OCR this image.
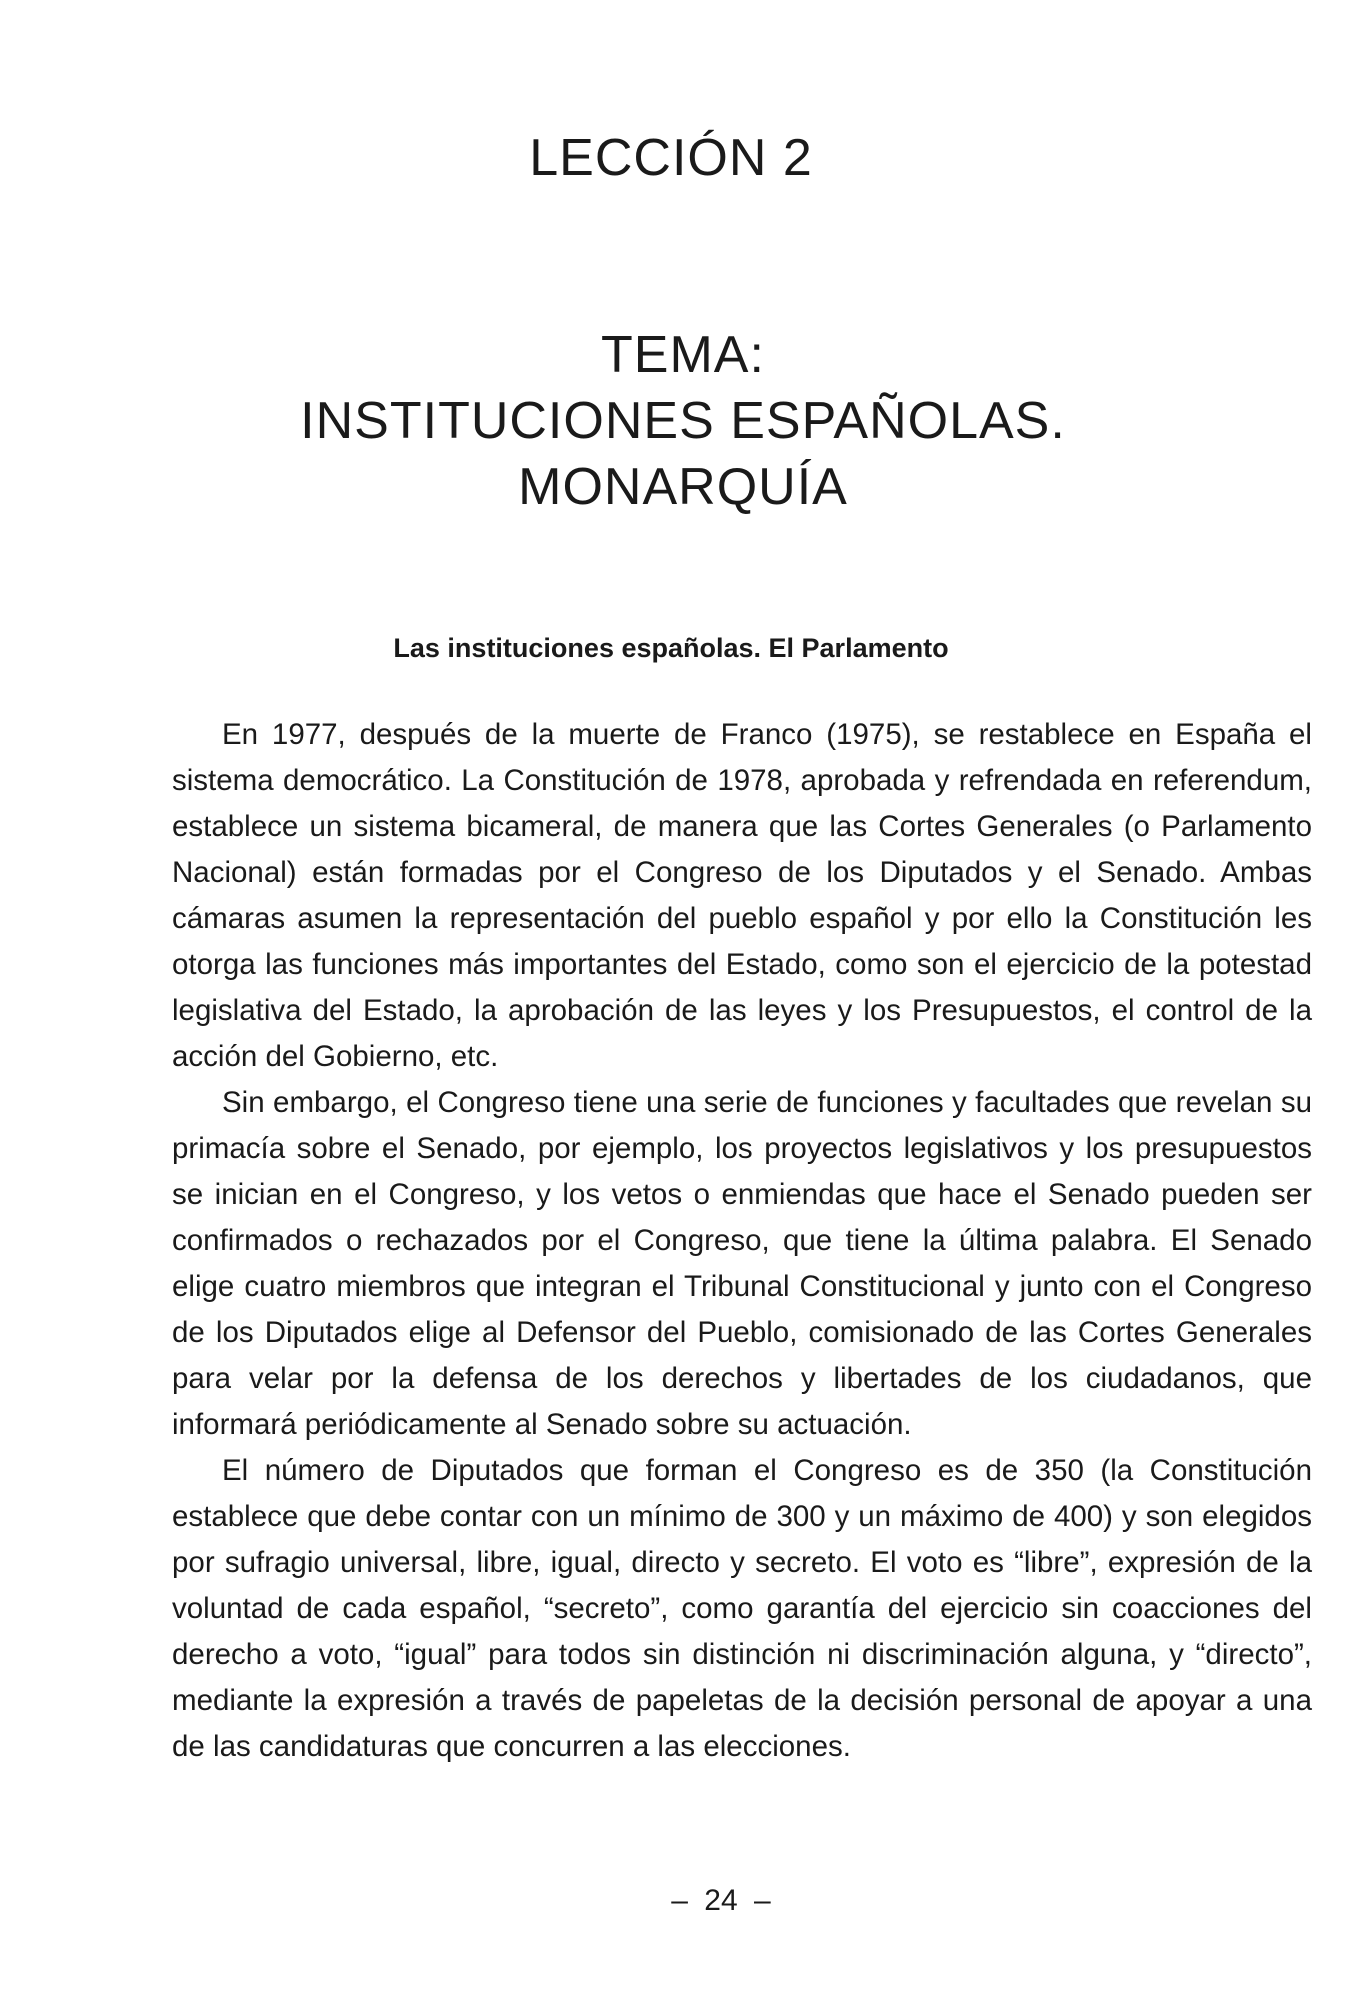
LECCIÓN 2
TEMA:
INSTITUCIONES ESPAÑOLAS.
MONARQUÍA
Las instituciones españolas. El Parlamento

En 1977, después de la muerte de Franco (1975), se restablece en España el sistema democrático. La Constitución de 1978, aprobada y refrendada en referendum, establece un sistema bicameral, de manera que las Cortes Generales (o Parlamento Nacional) están formadas por el Congreso de los Diputados y el Senado. Ambas cámaras asumen la representación del pueblo español y por ello la Constitución les otorga las funciones más importantes del Estado, como son el ejercicio de la potestad legislativa del Estado, la aprobación de las leyes y los Presupuestos, el control de la acción del Gobierno, etc.

Sin embargo, el Congreso tiene una serie de funciones y facultades que revelan su primacía sobre el Senado, por ejemplo, los proyectos legislativos y los presupuestos se inician en el Congreso, y los vetos o enmiendas que hace el Senado pueden ser confirmados o rechazados por el Congreso, que tiene la última palabra. El Senado elige cuatro miembros que integran el Tribunal Constitucional y junto con el Congreso de los Diputados elige al Defensor del Pueblo, comisionado de las Cortes Generales para velar por la defensa de los derechos y libertades de los ciudadanos, que informará periódicamente al Senado sobre su actuación.

El número de Diputados que forman el Congreso es de 350 (la Constitución establece que debe contar con un mínimo de 300 y un máximo de 400) y son elegidos por sufragio universal, libre, igual, directo y secreto. El voto es “libre”, expresión de la voluntad de cada español, “secreto”, como garantía del ejercicio sin coacciones del derecho a voto, “igual” para todos sin distinción ni discriminación alguna, y “directo”, mediante la expresión a través de papeletas de la decisión personal de apoyar a una de las candidaturas que concurren a las elecciones.

– 24 –
